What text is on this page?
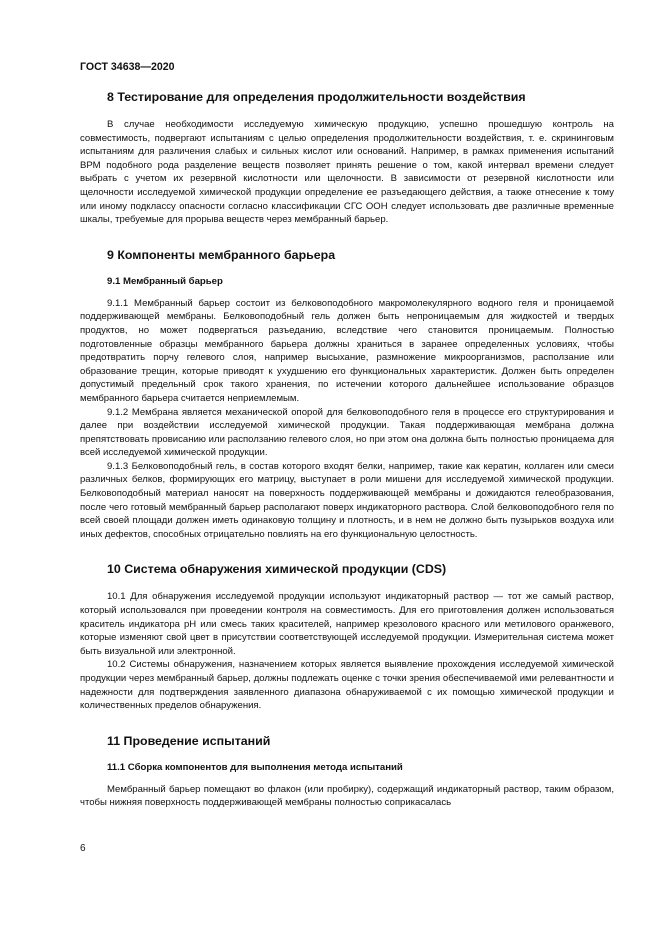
ГОСТ 34638—2020

8 Тестирование для определения продолжительности воздействия

В случае необходимости исследуемую химическую продукцию, успешно прошедшую контроль на совместимость, подвергают испытаниям с целью определения продолжительности воздействия, т. е. скрининговым испытаниям для различения слабых и сильных кислот или оснований. Например, в рамках применения испытаний ВРМ подобного рода разделение веществ позволяет принять решение о том, какой интервал времени следует выбрать с учетом их резервной кислотности или щелочности. В зависимости от резервной кислотности или щелочности исследуемой химической продукции определение ее разъедающего действия, а также отнесение к тому или иному подклассу опасности согласно классификации СГС ООН следует использовать две различные временные шкалы, требуемые для прорыва веществ через мембранный барьер.

9 Компоненты мембранного барьера
9.1 Мембранный барьер

9.1.1 Мембранный барьер состоит из белковоподобного макромолекулярного водного геля и проницаемой поддерживающей мембраны. Белковоподобный гель должен быть непроницаемым для жидкостей и твердых продуктов, но может подвергаться разъеданию, вследствие чего становится проницаемым. Полностью подготовленные образцы мембранного барьера должны храниться в заранее определенных условиях, чтобы предотвратить порчу гелевого слоя, например высыхание, размножение микроорганизмов, расползание или образование трещин, которые приводят к ухудшению его функциональных характеристик. Должен быть определен допустимый предельный срок такого хранения, по истечении которого дальнейшее использование образцов мембранного барьера считается неприемлемым.

9.1.2 Мембрана является механической опорой для белковоподобного геля в процессе его структурирования и далее при воздействии исследуемой химической продукции. Такая поддерживающая мембрана должна препятствовать провисанию или расползанию гелевого слоя, но при этом она должна быть полностью проницаема для всей исследуемой химической продукции.

9.1.3 Белковоподобный гель, в состав которого входят белки, например, такие как кератин, коллаген или смеси различных белков, формирующих его матрицу, выступает в роли мишени для исследуемой химической продукции. Белковоподобный материал наносят на поверхность поддерживающей мембраны и дожидаются гелеобразования, после чего готовый мембранный барьер располагают поверх индикаторного раствора. Слой белковоподобного геля по всей своей площади должен иметь одинаковую толщину и плотность, и в нем не должно быть пузырьков воздуха или иных дефектов, способных отрицательно повлиять на его функциональную целостность.

10 Система обнаружения химической продукции (CDS)

10.1 Для обнаружения исследуемой продукции используют индикаторный раствор — тот же самый раствор, который использовался при проведении контроля на совместимость. Для его приготовления должен использоваться краситель индикатора pH или смесь таких красителей, например крезолового красного или метилового оранжевого, которые изменяют свой цвет в присутствии соответствующей исследуемой продукции. Измерительная система может быть визуальной или электронной.

10.2 Системы обнаружения, назначением которых является выявление прохождения исследуемой химической продукции через мембранный барьер, должны подлежать оценке с точки зрения обеспечиваемой ими релевантности и надежности для подтверждения заявленного диапазона обнаруживаемой с их помощью химической продукции и количественных пределов обнаружения.

11 Проведение испытаний
11.1 Сборка компонентов для выполнения метода испытаний

Мембранный барьер помещают во флакон (или пробирку), содержащий индикаторный раствор, таким образом, чтобы нижняя поверхность поддерживающей мембраны полностью соприкасалась

6
